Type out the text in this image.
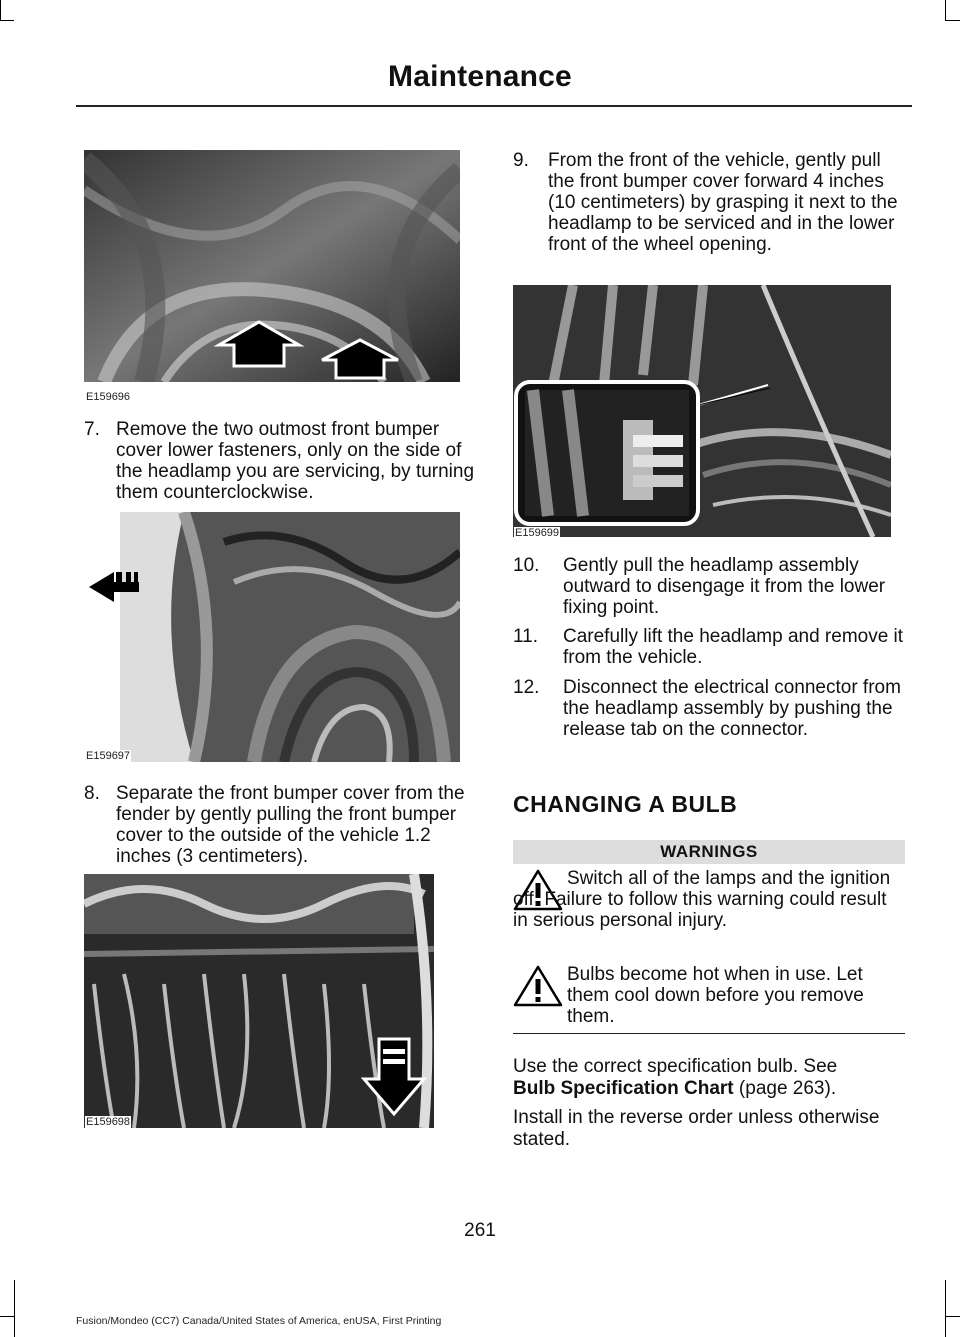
Maintenance
E159696
7. Remove the two outmost front bumper cover lower fasteners, only on the side of the headlamp you are servicing, by turning them counterclockwise.
E159697
8. Separate the front bumper cover from the fender by gently pulling the front bumper cover to the outside of the vehicle 1.2 inches (3 centimeters).
E159698
9.	From the front of the vehicle, gently pull the front bumper cover forward 4 inches (10 centimeters) by grasping it next to the headlamp to be serviced and in the lower front of the wheel opening.
E159699
10.	Gently pull the headlamp assembly outward to disengage it from the lower fixing point.
11.	Carefully lift the headlamp and remove it from the vehicle.
12.	Disconnect the electrical connector from the headlamp assembly by pushing the release tab on the connector.
CHANGING A BULB
WARNINGS
Switch all of the lamps and the ignition off. Failure to follow this warning could result in serious personal injury.
Bulbs become hot when in use. Let them cool down before you remove them.
Use the correct specification bulb. See
Bulb Specification Chart (page 263).
Install in the reverse order unless otherwise stated.
261
Fusion/Mondeo (CC7) Canada/United States of America, enUSA, First Printing
